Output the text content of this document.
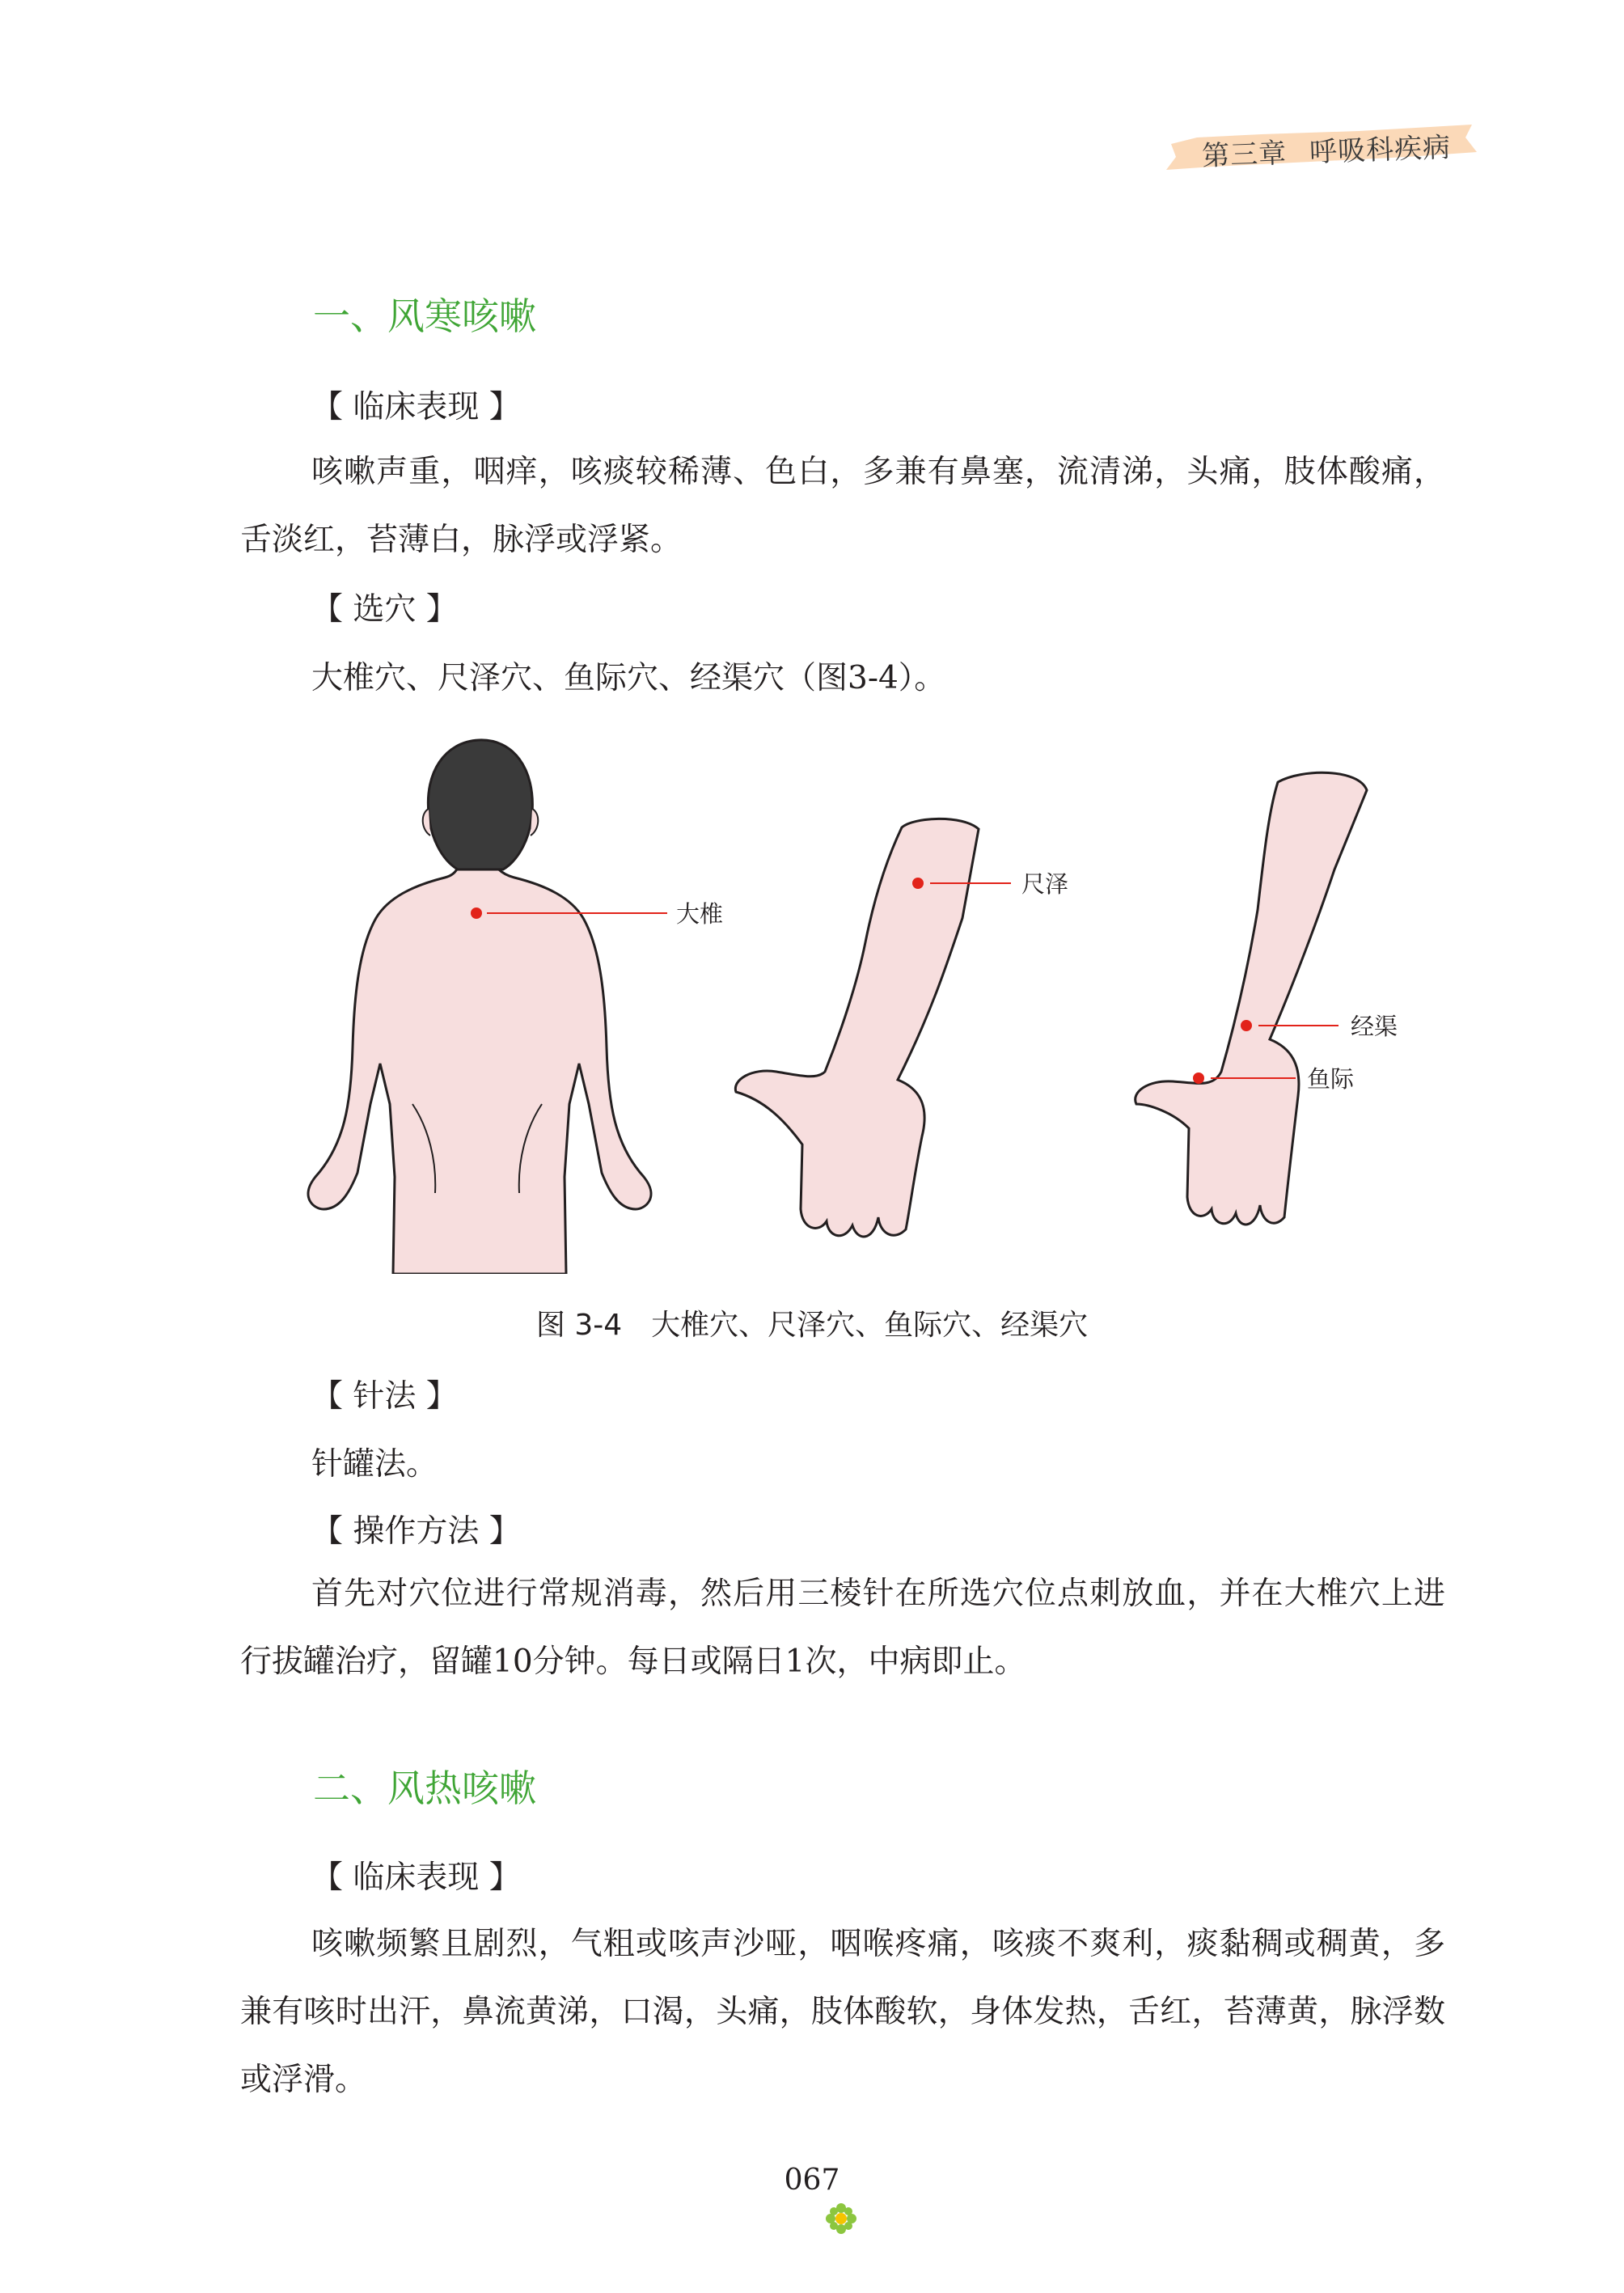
第三章 呼吸科疾病
一、风寒咳嗽
【 临床表现 】
咳嗽声重，咽痒，咳痰较稀薄、色白，多兼有鼻塞，流清涕，头痛，肢体酸痛，舌淡红，苔薄白，脉浮或浮紧。
【 选穴 】
大椎穴、尺泽穴、鱼际穴、经渠穴（图3-4）。
大椎
尺泽
经渠
鱼际
图 3-4　大椎穴、尺泽穴、鱼际穴、经渠穴
【 针法 】
针罐法。
【 操作方法 】
首先对穴位进行常规消毒，然后用三棱针在所选穴位点刺放血，并在大椎穴上进行拔罐治疗，留罐10分钟。每日或隔日1次，中病即止。
二、风热咳嗽
【 临床表现 】
咳嗽频繁且剧烈，气粗或咳声沙哑，咽喉疼痛，咳痰不爽利，痰黏稠或稠黄，多兼有咳时出汗，鼻流黄涕，口渴，头痛，肢体酸软，身体发热，舌红，苔薄黄，脉浮数或浮滑。
067
